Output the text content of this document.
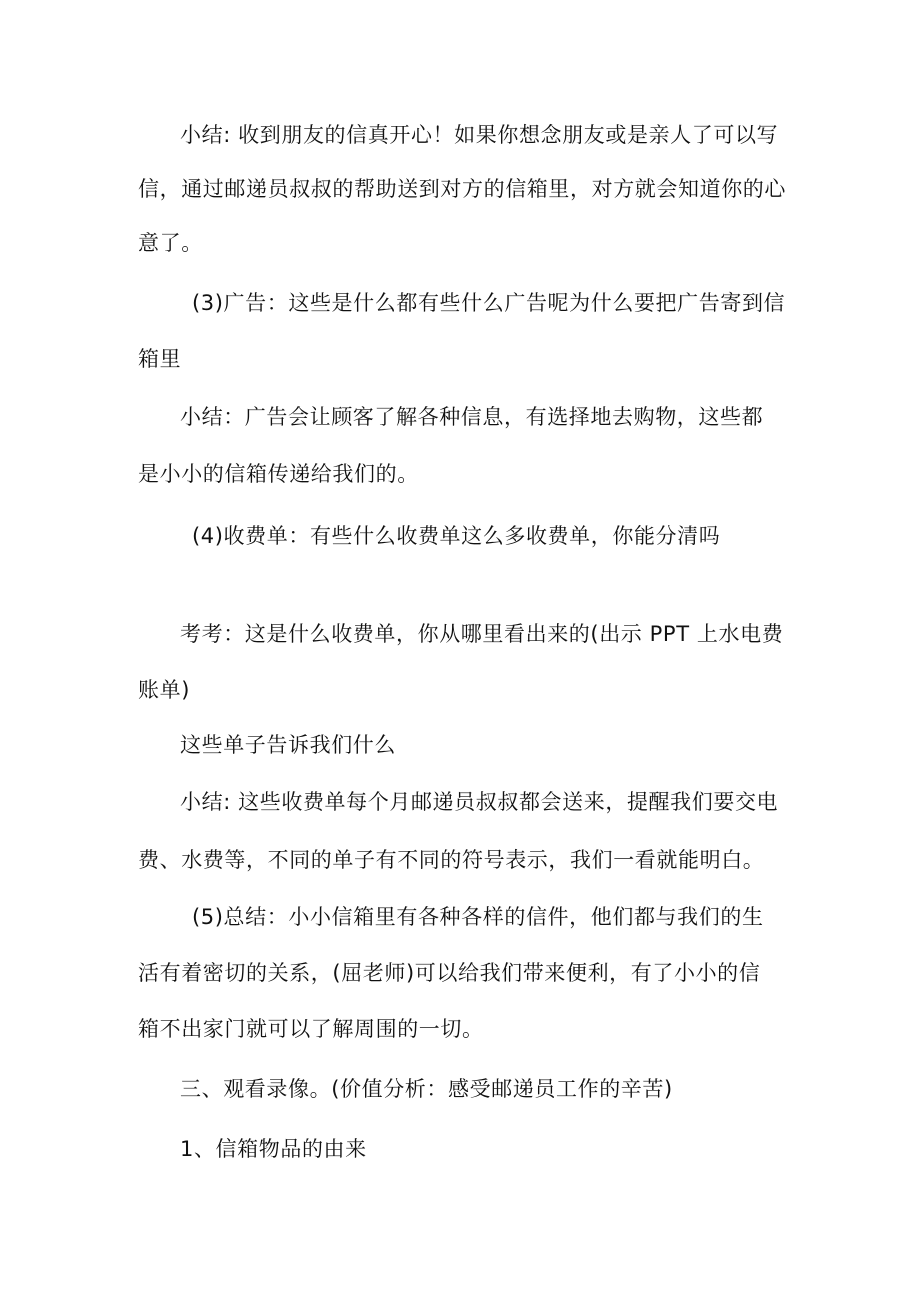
小结: 收到朋友的信真开心！如果你想念朋友或是亲人了可以写
信，通过邮递员叔叔的帮助送到对方的信箱里，对方就会知道你的心
意了。
(3)广告：这些是什么都有些什么广告呢为什么要把广告寄到信
箱里
小结：广告会让顾客了解各种信息，有选择地去购物，这些都
是小小的信箱传递给我们的。
(4)收费单：有些什么收费单这么多收费单，你能分清吗
考考：这是什么收费单，你从哪里看出来的(出示 PPT 上水电费
账单)
这些单子告诉我们什么
小结: 这些收费单每个月邮递员叔叔都会送来，提醒我们要交电
费、水费等，不同的单子有不同的符号表示，我们一看就能明白。
(5)总结：小小信箱里有各种各样的信件，他们都与我们的生
活有着密切的关系，(屈老师)可以给我们带来便利，有了小小的信
箱不出家门就可以了解周围的一切。
三、观看录像。(价值分析：感受邮递员工作的辛苦)
1、信箱物品的由来
